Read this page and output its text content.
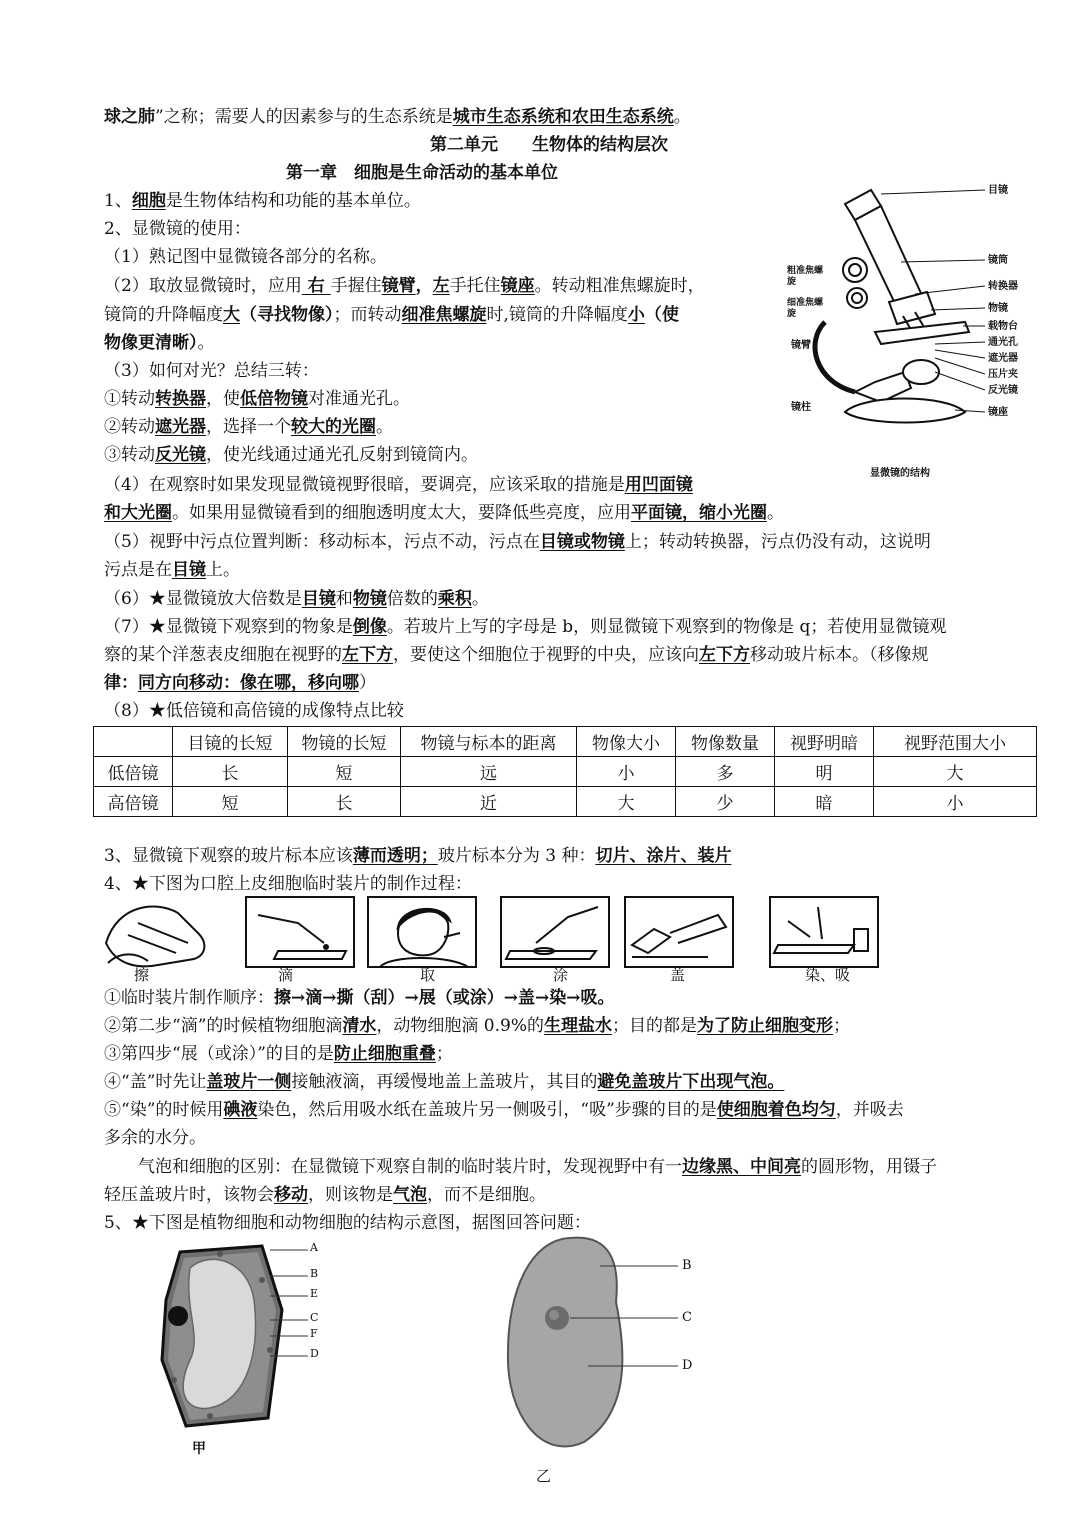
球之肺”之称；需要人的因素参与的生态系统是城市生态系统和农田生态系统。
第二单元　　生物体的结构层次
第一章　细胞是生命活动的基本单位
1、细胞是生物体结构和功能的基本单位。
2、显微镜的使用：
（1）熟记图中显微镜各部分的名称。
（2）取放显微镜时，应用 右 手握住镜臂，左手托住镜座。转动粗准焦螺旋时，
镜筒的升降幅度大（寻找物像）；而转动细准焦螺旋时,镜筒的升降幅度小（使
物像更清晰）。
（3）如何对光？总结三转：
①转动转换器，使低倍物镜对准通光孔。
②转动遮光器，选择一个较大的光圈。
③转动反光镜，使光线通过通光孔反射到镜筒内。
（4）在观察时如果发现显微镜视野很暗，要调亮，应该采取的措施是用凹面镜
和大光圈。如果用显微镜看到的细胞透明度太大，要降低些亮度，应用平面镜，缩小光圈。
（5）视野中污点位置判断：移动标本，污点不动，污点在目镜或物镜上；转动转换器，污点仍没有动，这说明
污点是在目镜上。
（6）★显微镜放大倍数是目镜和物镜倍数的乘积。
（7）★显微镜下观察到的物象是倒像。若玻片上写的字母是 b，则显微镜下观察到的物像是 q；若使用显微镜观
察的某个洋葱表皮细胞在视野的左下方，要使这个细胞位于视野的中央，应该向左下方移动玻片标本。（移像规
律：同方向移动：像在哪，移向哪）
（8）★低倍镜和高倍镜的成像特点比较
	目镜的长短	物镜的长短	物镜与标本的距离	物像大小	物像数量	视野明暗	视野范围大小
低倍镜	长	短	远	小	多	明	大
高倍镜	短	长	近	大	少	暗	小
3、显微镜下观察的玻片标本应该薄而透明；玻片标本分为 3 种：切片、涂片、装片
4、★下图为口腔上皮细胞临时装片的制作过程：
擦	滴	取	涂	盖	染、吸
①临时装片制作顺序：擦→滴→撕（刮）→展（或涂）→盖→染→吸。
②第二步“滴”的时候植物细胞滴清水，动物细胞滴 0.9%的生理盐水；目的都是为了防止细胞变形；
③第四步“展（或涂）”的目的是防止细胞重叠；
④“盖”时先让盖玻片一侧接触液滴，再缓慢地盖上盖玻片，其目的避免盖玻片下出现气泡。
⑤“染”的时候用碘液染色，然后用吸水纸在盖玻片另一侧吸引，“吸”步骤的目的是使细胞着色均匀，并吸去
多余的水分。
　　气泡和细胞的区别：在显微镜下观察自制的临时装片时，发现视野中有一边缘黑、中间亮的圆形物，用镊子
轻压盖玻片时，该物会移动，则该物是气泡，而不是细胞。
5、★下图是植物细胞和动物细胞的结构示意图，据图回答问题：
A
B
E
C
F
D
甲
B
C
D
乙
目镜
镜筒
转换器
物镜
载物台
通光孔
遮光器
压片夹
反光镜
镜座
粗准焦螺旋
细准焦螺旋
镜臂
镜柱
显微镜的结构
